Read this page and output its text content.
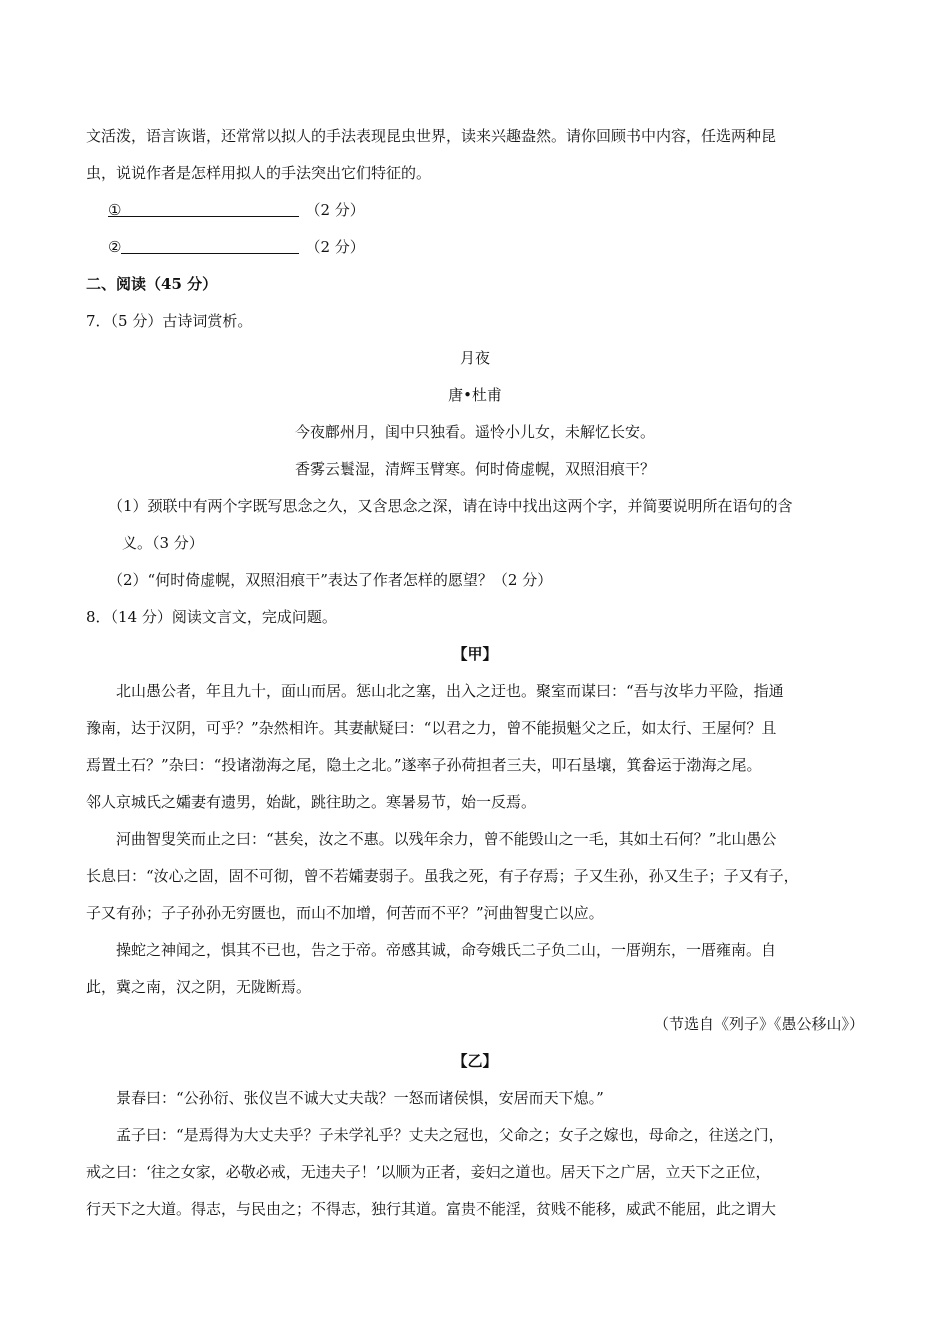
文活泼，语言诙谐，还常常以拟人的手法表现昆虫世界，读来兴趣盎然。请你回顾书中内容，任选两种昆

虫，说说作者是怎样用拟人的手法突出它们特征的。

①	（2 分）

②	（2 分）

二、阅读（45 分）

7．（5 分）古诗词赏析。

月夜

唐•杜甫

今夜鄜州月，闺中只独看。遥怜小儿女，未解忆长安。

香雾云鬟湿，清辉玉臂寒。何时倚虚幌，双照泪痕干？

（1）颈联中有两个字既写思念之久，又含思念之深，请在诗中找出这两个字，并简要说明所在语句的含

义。（3 分）

（2）“何时倚虚幌，双照泪痕干”表达了作者怎样的愿望？（2 分）

8．（14 分）阅读文言文，完成问题。

【甲】

北山愚公者，年且九十，面山而居。惩山北之塞，出入之迂也。聚室而谋曰：“吾与汝毕力平险，指通

豫南，达于汉阴，可乎？”杂然相许。其妻献疑曰：“以君之力，曾不能损魁父之丘，如太行、王屋何？且

焉置土石？”杂曰：“投诸渤海之尾，隐土之北。”遂率子孙荷担者三夫，叩石垦壤，箕畚运于渤海之尾。

邻人京城氏之孀妻有遗男，始龀，跳往助之。寒暑易节，始一反焉。

河曲智叟笑而止之曰：“甚矣，汝之不惠。以残年余力，曾不能毁山之一毛，其如土石何？”北山愚公

长息曰：“汝心之固，固不可彻，曾不若孀妻弱子。虽我之死，有子存焉；子又生孙，孙又生子；子又有子，

子又有孙；子子孙孙无穷匮也，而山不加增，何苦而不平？”河曲智叟亡以应。

操蛇之神闻之，惧其不已也，告之于帝。帝感其诚，命夸娥氏二子负二山，一厝朔东，一厝雍南。自

此，冀之南，汉之阴，无陇断焉。

（节选自《列子》《愚公移山》）

【乙】

景春曰：“公孙衍、张仪岂不诚大丈夫哉？一怒而诸侯惧，安居而天下熄。”

孟子曰：“是焉得为大丈夫乎？子未学礼乎？丈夫之冠也，父命之；女子之嫁也，母命之，往送之门，

戒之曰：‘往之女家，必敬必戒，无违夫子！’以顺为正者，妾妇之道也。居天下之广居，立天下之正位，

行天下之大道。得志，与民由之；不得志，独行其道。富贵不能淫，贫贱不能移，威武不能屈，此之谓大
